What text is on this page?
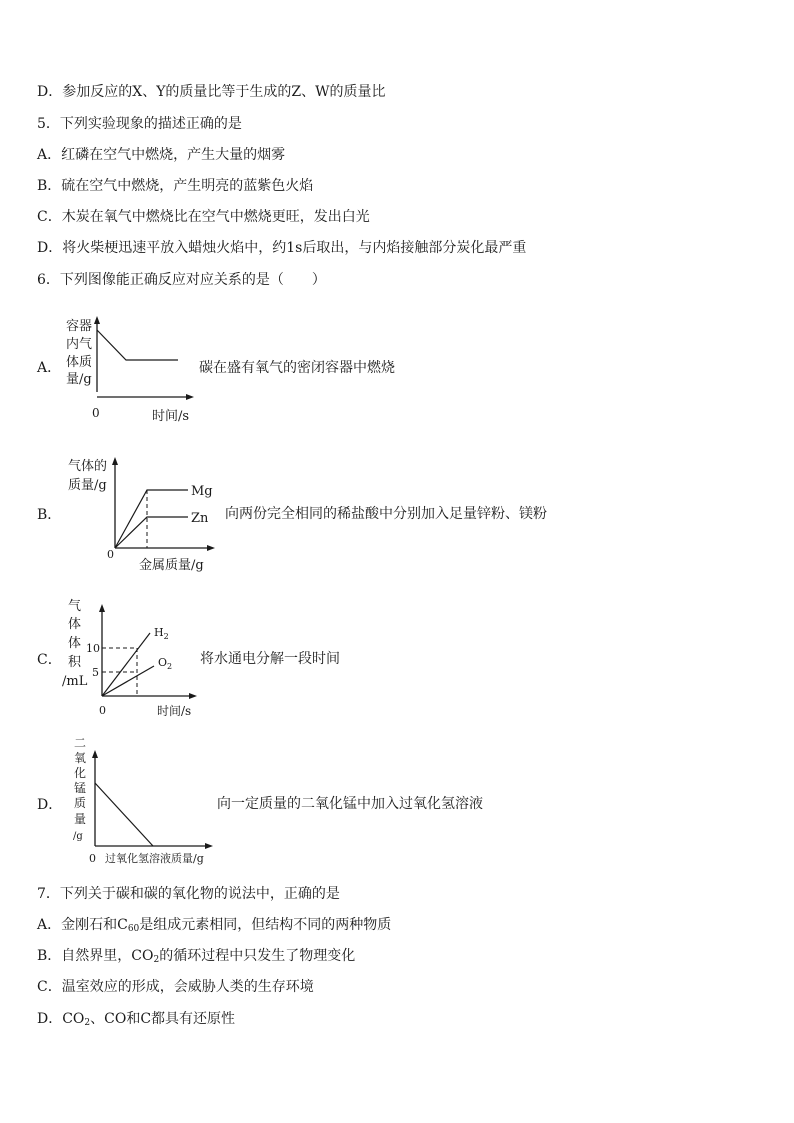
D．参加反应的X、Y的质量比等于生成的Z、W的质量比
5．下列实验现象的描述正确的是
A．红磷在空气中燃烧，产生大量的烟雾
B．硫在空气中燃烧，产生明亮的蓝紫色火焰
C．木炭在氧气中燃烧比在空气中燃烧更旺，发出白光
D．将火柴梗迅速平放入蜡烛火焰中，约1s后取出，与内焰接触部分炭化最严重
6．下列图像能正确反应对应关系的是（　　）
A．
容器
内气
体质
量/g
0	时间/s
碳在盛有氧气的密闭容器中燃烧
B．
气体的
质量/g	Mg
Zn
0
金属质量/g
向两份完全相同的稀盐酸中分别加入足量锌粉、镁粉
C．
气
体
体
积
/mL
10
5
$H_2$
$O_2$
0	时间/s
将水通电分解一段时间
D．
二
氧
化
锰
质
量
/g
0 过氧化氢溶液质量/g
向一定质量的二氧化锰中加入过氧化氢溶液
7．下列关于碳和碳的氧化物的说法中，正确的是
A．金刚石和$C_{60}$是组成元素相同，但结构不同的两种物质
B．自然界里，$CO_2$的循环过程中只发生了物理变化
C．温室效应的形成，会威胁人类的生存环境
D．$CO_2$、CO和C都具有还原性
